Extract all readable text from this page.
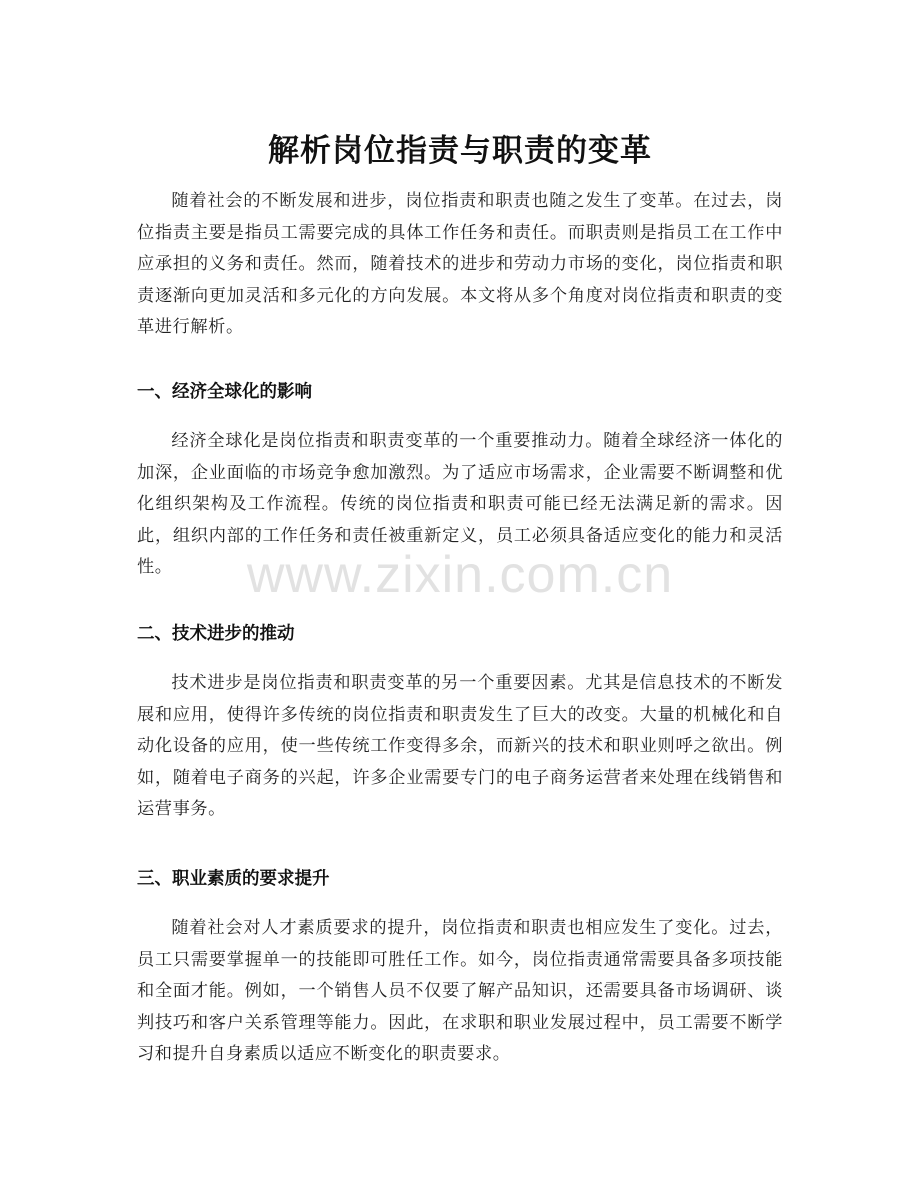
解析岗位指责与职责的变革

随着社会的不断发展和进步，岗位指责和职责也随之发生了变革。在过去，岗位指责主要是指员工需要完成的具体工作任务和责任。而职责则是指员工在工作中应承担的义务和责任。然而，随着技术的进步和劳动力市场的变化，岗位指责和职责逐渐向更加灵活和多元化的方向发展。本文将从多个角度对岗位指责和职责的变革进行解析。

一、经济全球化的影响

经济全球化是岗位指责和职责变革的一个重要推动力。随着全球经济一体化的加深，企业面临的市场竞争愈加激烈。为了适应市场需求，企业需要不断调整和优化组织架构及工作流程。传统的岗位指责和职责可能已经无法满足新的需求。因此，组织内部的工作任务和责任被重新定义，员工必须具备适应变化的能力和灵活性。

二、技术进步的推动

技术进步是岗位指责和职责变革的另一个重要因素。尤其是信息技术的不断发展和应用，使得许多传统的岗位指责和职责发生了巨大的改变。大量的机械化和自动化设备的应用，使一些传统工作变得多余，而新兴的技术和职业则呼之欲出。例如，随着电子商务的兴起，许多企业需要专门的电子商务运营者来处理在线销售和运营事务。

三、职业素质的要求提升

随着社会对人才素质要求的提升，岗位指责和职责也相应发生了变化。过去，员工只需要掌握单一的技能即可胜任工作。如今，岗位指责通常需要具备多项技能和全面才能。例如，一个销售人员不仅要了解产品知识，还需要具备市场调研、谈判技巧和客户关系管理等能力。因此，在求职和职业发展过程中，员工需要不断学习和提升自身素质以适应不断变化的职责要求。

www.zixin.com.cn
